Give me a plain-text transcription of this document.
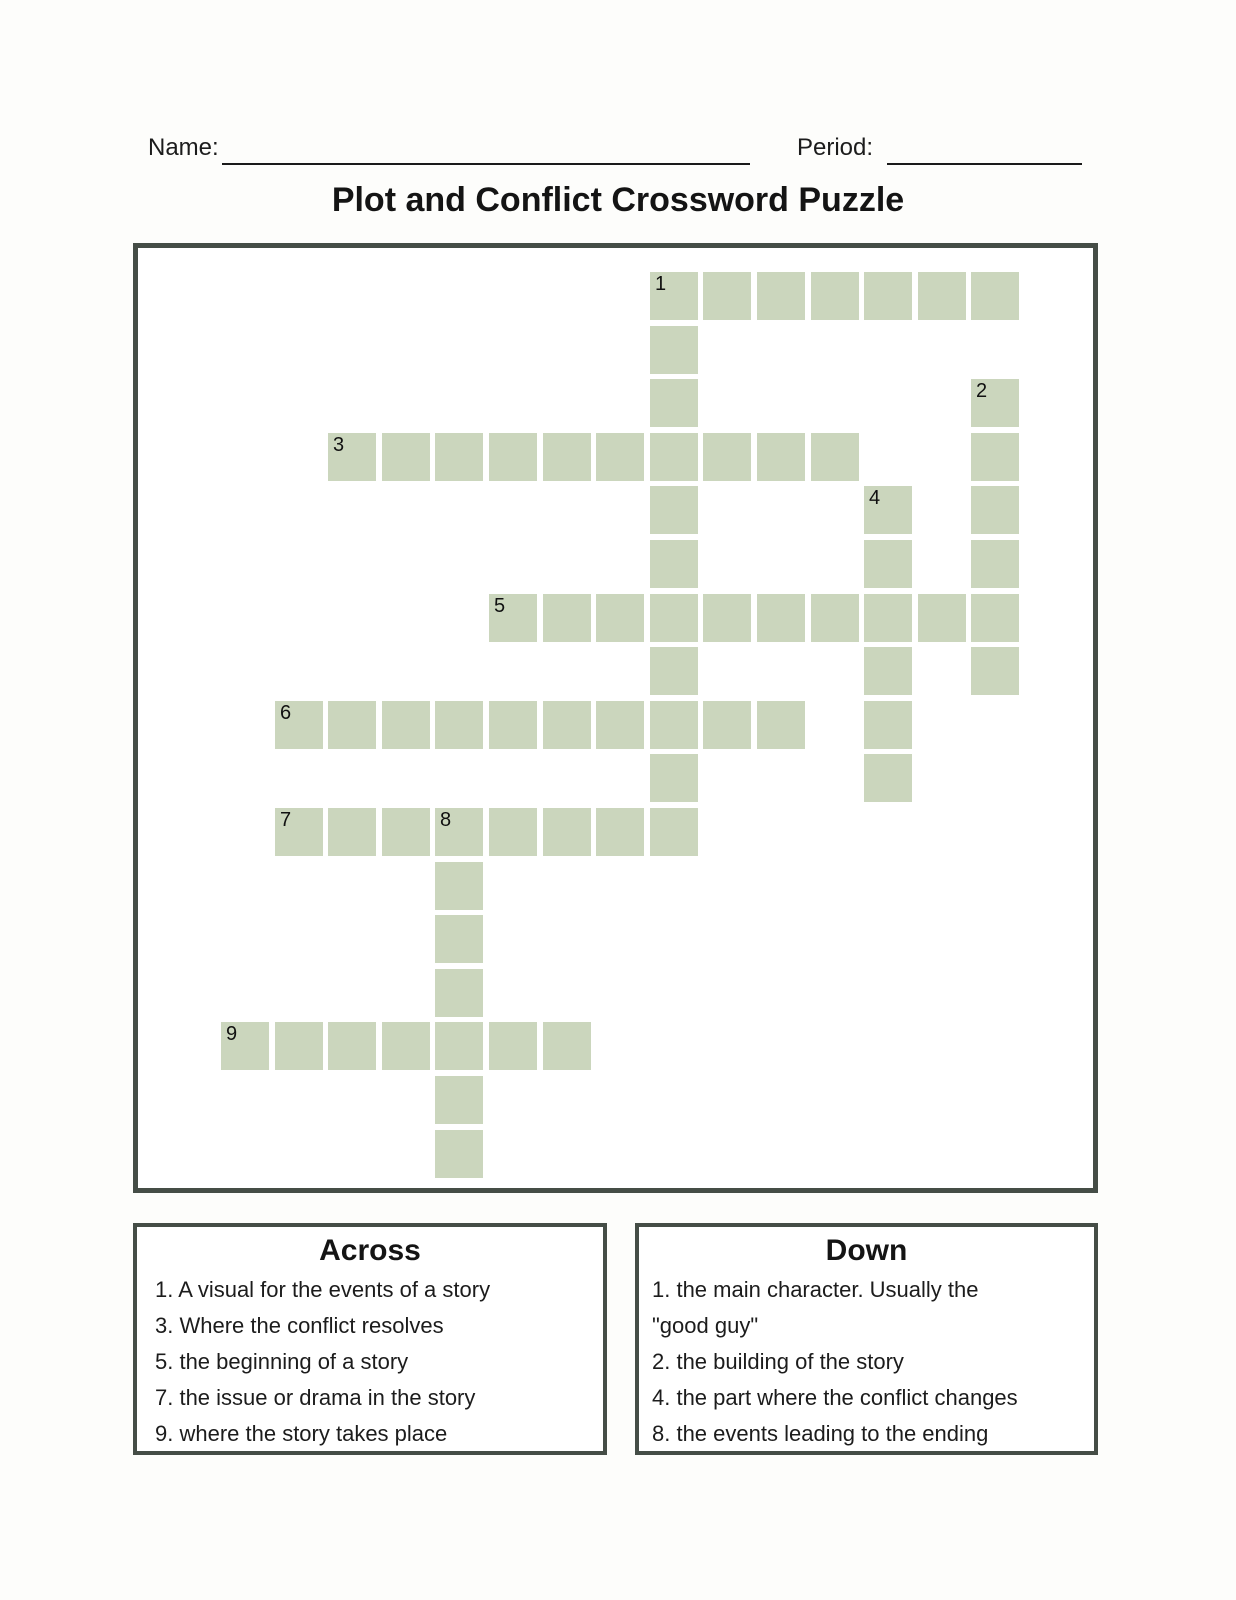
Name:	Period:
Plot and Conflict Crossword Puzzle
1
2
3
4
5
6
7	8
9
Across
1. A visual for the events of a story
3. Where the conflict resolves
5. the beginning of a story
7. the issue or drama in the story
9. where the story takes place
Down
1. the main character. Usually the
"good guy"
2. the building of the story
4. the part where the conflict changes
8. the events leading to the ending
